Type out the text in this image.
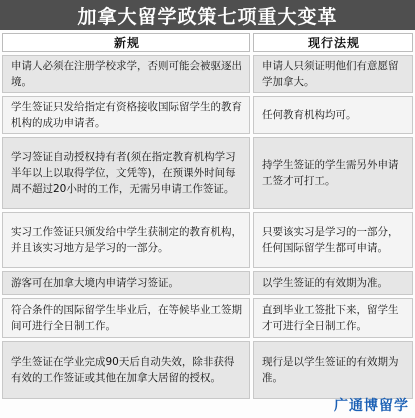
加拿大留学政策七项重大变革
新规	现行法规
申请人必须在注册学校求学，否则可能会被驱逐出境。
申请人只须证明他们有意愿留学加拿大。
学生签证只发给指定有资格接收国际留学生的教育机构的成功申请者。
任何教育机构均可。
学习签证自动授权持有者(须在指定教育机构学习半年以上以取得学位，文凭等)，在预课外时间每周不超过20小时的工作，无需另申请工作签证。
持学生签证的学生需另外申请工签才可打工。
实习工作签证只颁发给中学生获制定的教育机构，并且该实习地方是学习的一部分。
只要该实习是学习的一部分，任何国际留学生都可申请。
游客可在加拿大境内申请学习签证。	以学生签证的有效期为准。
符合条件的国际留学生毕业后，在等候毕业工签期间可进行全日制工作。
直到毕业工签批下来，留学生才可进行全日制工作。
学生签证在学业完成90天后自动失效，除非获得有效的工作签证或其他在加拿大居留的授权。
现行是以学生签证的有效期为准。
广通博留学
